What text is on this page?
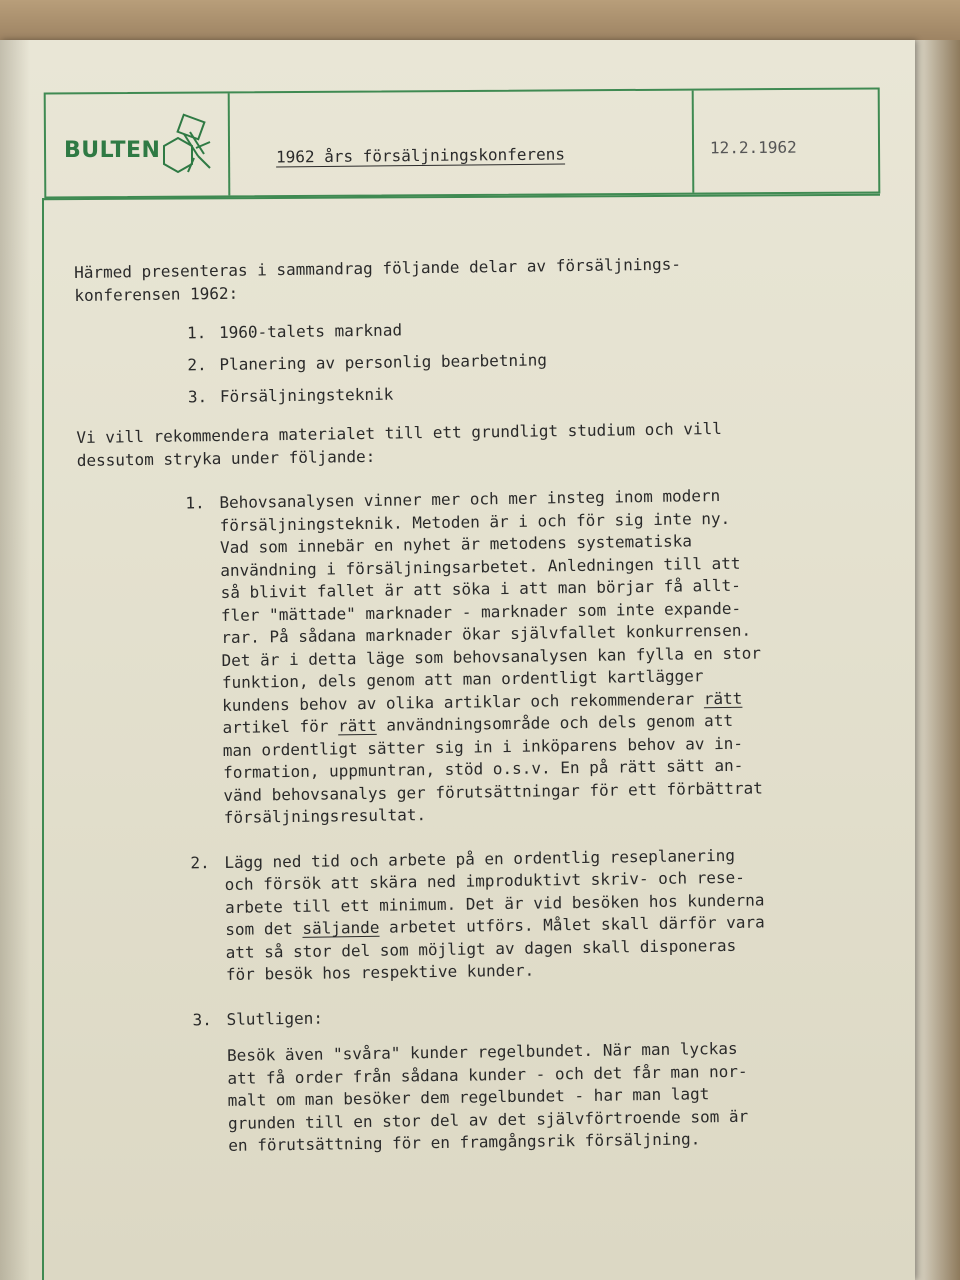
BULTEN	1962 års försäljningskonferens	12.2.1962

Härmed presenteras i sammandrag följande delar av försäljnings-
konferensen 1962:

1. 1960-talets marknad
2. Planering av personlig bearbetning
3. Försäljningsteknik

Vi vill rekommendera materialet till ett grundligt studium och vill
dessutom stryka under följande:

1. Behovsanalysen vinner mer och mer insteg inom modern
försäljningsteknik. Metoden är i och för sig inte ny.
Vad som innebär en nyhet är metodens systematiska
användning i försäljningsarbetet. Anledningen till att
så blivit fallet är att söka i att man börjar få allt-
fler "mättade" marknader - marknader som inte expande-
rar. På sådana marknader ökar självfallet konkurrensen.
Det är i detta läge som behovsanalysen kan fylla en stor
funktion, dels genom att man ordentligt kartlägger
kundens behov av olika artiklar och rekommenderar rätt
artikel för rätt användningsområde och dels genom att
man ordentligt sätter sig in i inköparens behov av in-
formation, uppmuntran, stöd o.s.v. En på rätt sätt an-
vänd behovsanalys ger förutsättningar för ett förbättrat
försäljningsresultat.
2. Lägg ned tid och arbete på en ordentlig reseplanering
och försök att skära ned improduktivt skriv- och rese-
arbete till ett minimum. Det är vid besöken hos kunderna
som det säljande arbetet utförs. Målet skall därför vara
att så stor del som möjligt av dagen skall disponeras
för besök hos respektive kunder.
3. Slutligen:
Besök även "svåra" kunder regelbundet. När man lyckas
att få order från sådana kunder - och det får man nor-
malt om man besöker dem regelbundet - har man lagt
grunden till en stor del av det självförtroende som är
en förutsättning för en framgångsrik försäljning.
